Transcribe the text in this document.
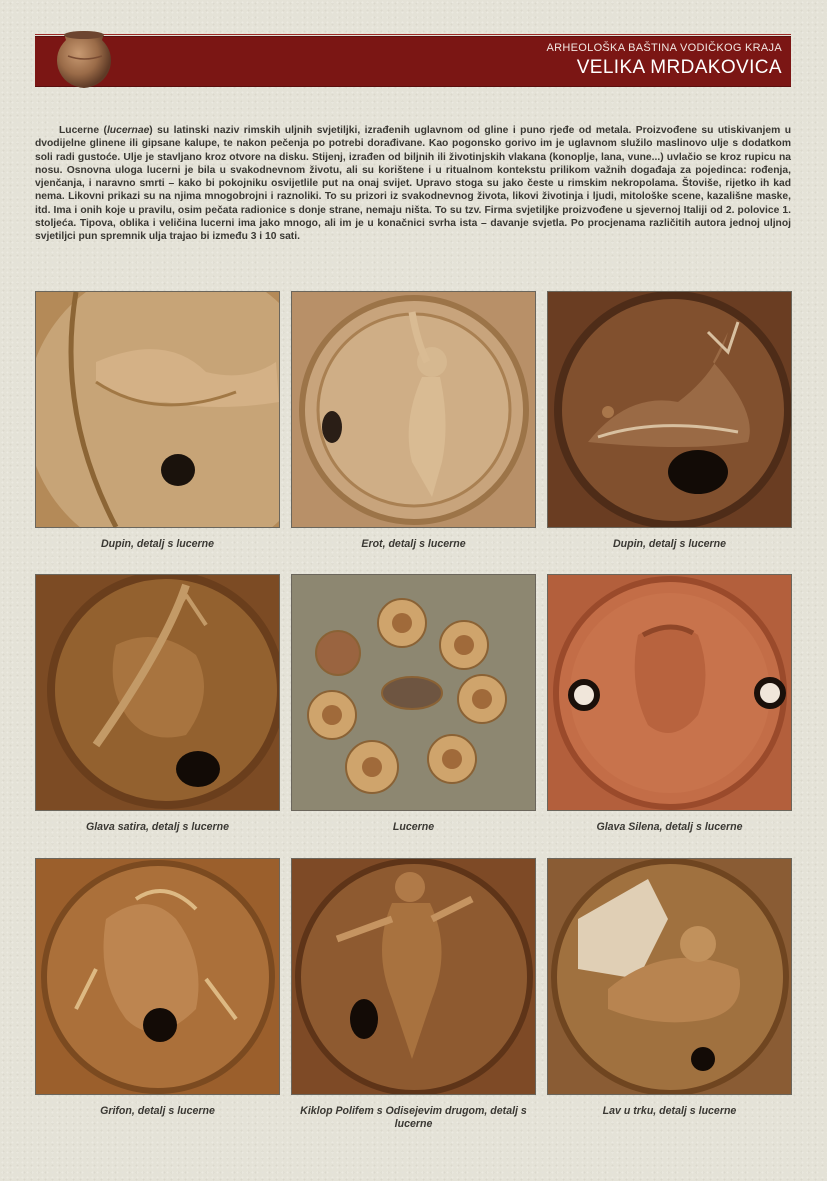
ARHEOLOŠKA BAŠTINA VODIČKOG KRAJA
VELIKA MRDAKOVICA
Lucerne (lucernae) su latinski naziv rimskih uljnih svjetiljki, izrađenih uglavnom od gline i puno rjeđe od metala. Proizvođene su utiskivanjem u dvodijelne glinene ili gipsane kalupe, te nakon pečenja po potrebi dorađivane. Kao pogonsko gorivo im je uglavnom služilo maslinovo ulje s dodatkom soli radi gustoće. Ulje je stavljano kroz otvore na disku. Stijenj, izrađen od biljnih ili životinjskih vlakana (konoplje, lana, vune...) uvlačio se kroz rupicu na nosu. Osnovna uloga lucerni je bila u svakodnevnom životu, ali su korištene i u ritualnom kontekstu prilikom važnih događaja za pojedinca: rođenja, vjenčanja, i naravno smrti – kako bi pokojniku osvijetlile put na onaj svijet. Upravo stoga su jako česte u rimskim nekropolama. Štoviše, rijetko ih kad nema. Likovni prikazi su na njima mnogobrojni i raznoliki. To su prizori iz svakodnevnog života, likovi životinja i ljudi, mitološke scene, kazališne maske, itd. Ima i onih koje u pravilu, osim pečata radionice s donje strane, nemaju ništa. To su tzv. Firma svjetiljke proizvođene u sjevernoj Italiji od 2. polovice 1. stoljeća. Tipova, oblika i veličina lucerni ima jako mnogo, ali im je u konačnici svrha ista – davanje svjetla. Po procjenama različitih autora jednoj uljnoj svjetiljci pun spremnik ulja trajao bi između 3 i 10 sati.
Dupin, detalj s lucerne	Erot, detalj s lucerne	Dupin, detalj s lucerne
Glava satira, detalj s lucerne	Lucerne	Glava Silena, detalj s lucerne
Grifon, detalj s lucerne	Kiklop Polifem s Odisejevim drugom, detalj s lucerne
Lav u trku, detalj s lucerne
